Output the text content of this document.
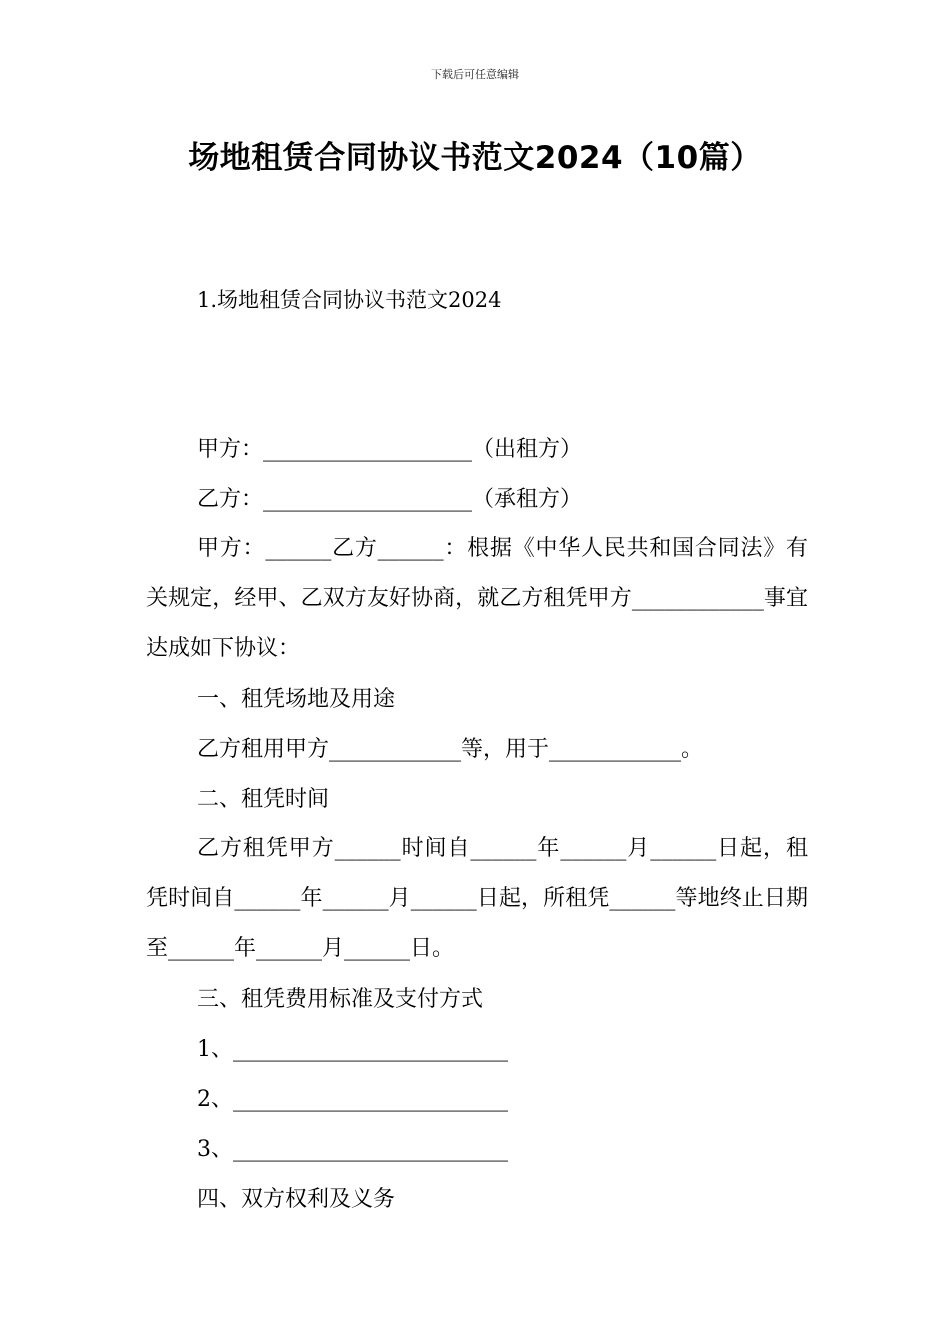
下载后可任意编辑
场地租赁合同协议书范文2024（10篇）
1.场地租赁合同协议书范文2024
甲方：___________________（出租方）
乙方：___________________（承租方）
甲方：______乙方______：根据《中华人民共和国合同法》有关规定，经甲、乙双方友好协商，就乙方租凭甲方____________事宜达成如下协议：
一、租凭场地及用途
乙方租用甲方____________等，用于____________。
二、租凭时间
乙方租凭甲方______时间自______年______月______日起，租凭时间自______年______月______日起，所租凭______等地终止日期至______年______月______日。
三、租凭费用标准及支付方式
1、_________________________
2、_________________________
3、_________________________
四、双方权利及义务
